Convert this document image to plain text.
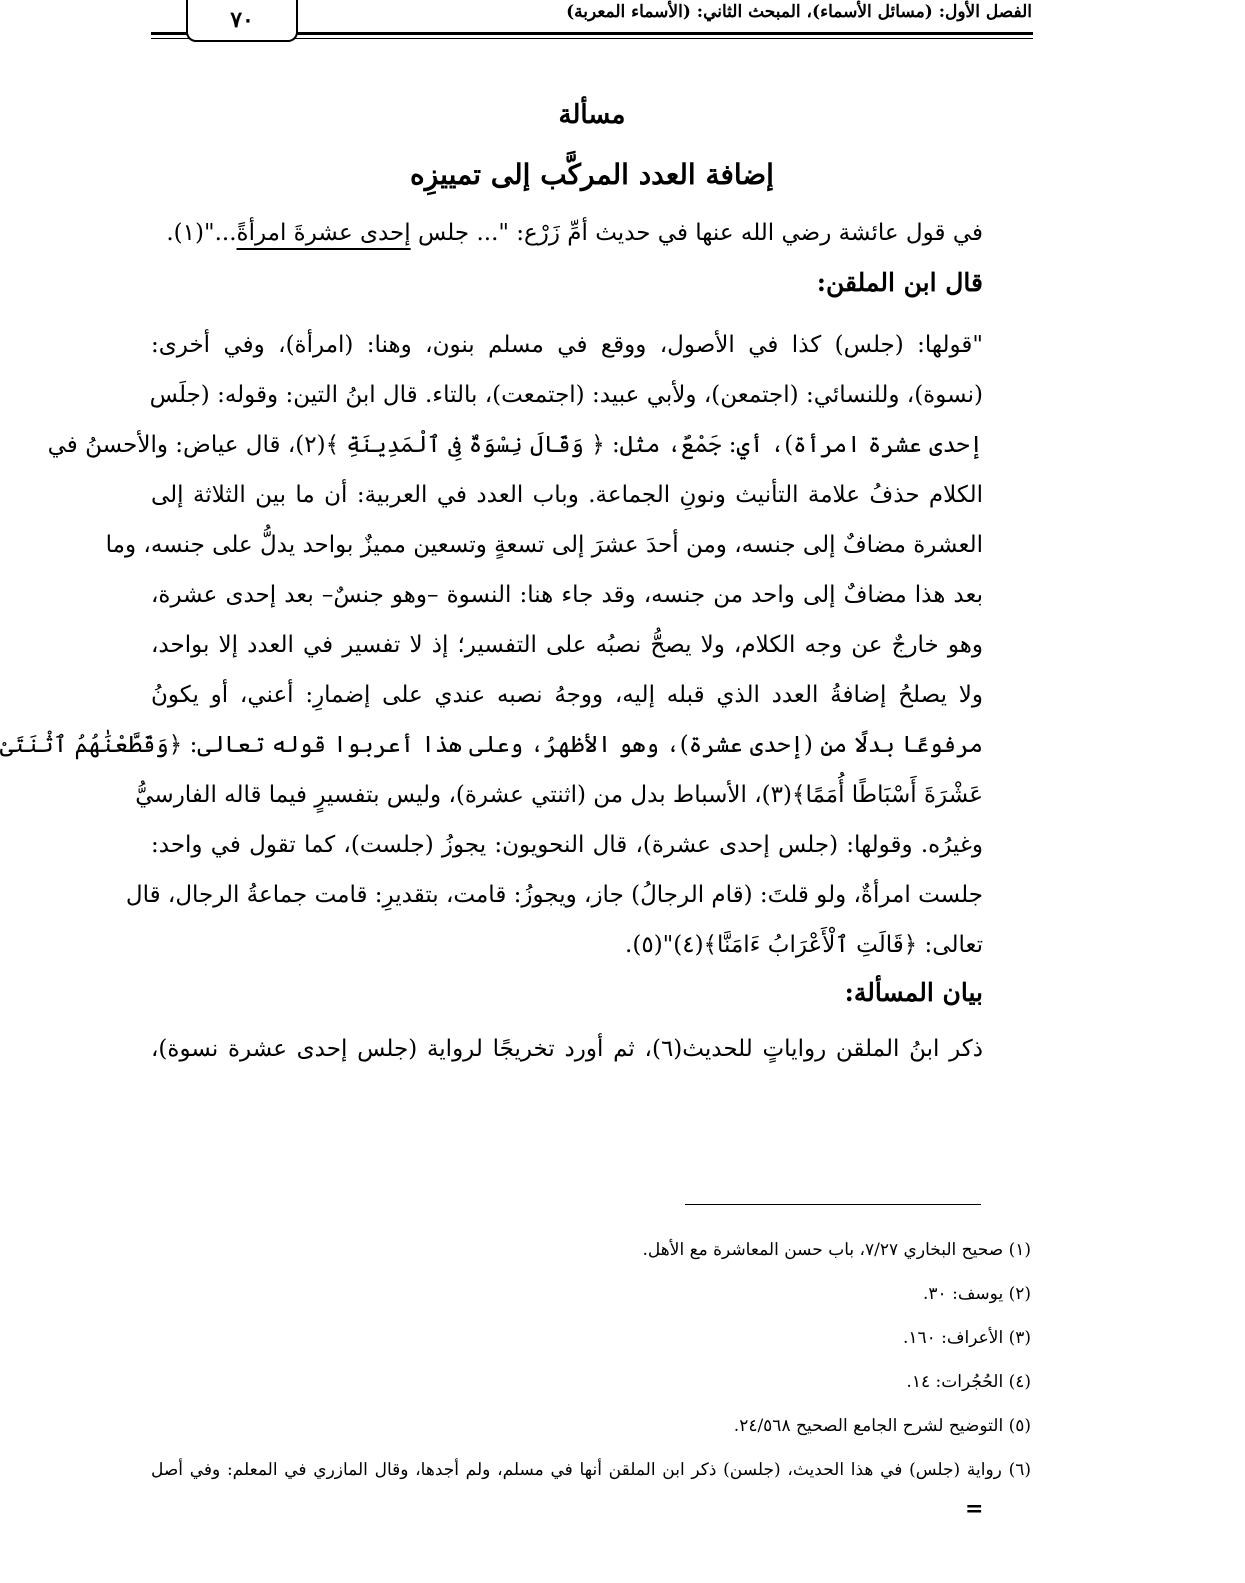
٧٠	الفصل الأول: (مسائل الأسماء)، المبحث الثاني: (الأسماء المعربة)
مسألة
إضافة العدد المركَّب إلى تمييزِه
في قول عائشة رضي الله عنها في حديث أمِّ زَرْع: "... جلس إحدى عشرةَ امرأةً..."(١).
قال ابن الملقن:
"قولها: (جلس) كذا في الأصول، ووقع في مسلم بنون، وهنا: (امرأة)، وفي أخرى:
(نسوة)، وللنسائي: (اجتمعن)، ولأبي عبيد: (اجتمعت)، بالتاء. قال ابنُ التين: وقوله: (جلَس
إحدى عشرة امرأة)، أي: جَمْعٌ، مثل: ﴿ وَقَالَ نِسْوَةٌ فِى ٱلْمَدِينَةِ ﴾(٢)، قال عياض: والأحسنُ في
الكلام حذفُ علامة التأنيث ونونِ الجماعة. وباب العدد في العربية: أن ما بين الثلاثة إلى
العشرة مضافٌ إلى جنسه، ومن أحدَ عشرَ إلى تسعةٍ وتسعين مميزٌ بواحد يدلُّ على جنسه، وما
بعد هذا مضافٌ إلى واحد من جنسه، وقد جاء هنا: النسوة –وهو جنسٌ– بعد إحدى عشرة،
وهو خارجٌ عن وجه الكلام، ولا يصحُّ نصبُه على التفسير؛ إذ لا تفسير في العدد إلا بواحد،
ولا يصلحُ إضافةُ العدد الذي قبله إليه، ووجهُ نصبه عندي على إضمارِ: أعني، أو يكونُ
مرفوعًا بدلًا من (إحدى عشرة)، وهو الأظهرُ، وعلى هذا أعربوا قوله تعالى: ﴿وَقَطَّعْنَٰهُمُ ٱثْنَتَىْ
عَشْرَةَ أَسْبَاطًا أُمَمًا﴾(٣)، الأسباط بدل من (اثنتي عشرة)، وليس بتفسيرٍ فيما قاله الفارسيُّ
وغيرُه. وقولها: (جلس إحدى عشرة)، قال النحويون: يجوزُ (جلست)، كما تقول في واحد:
جلست امرأةٌ، ولو قلتَ: (قام الرجالُ) جاز، ويجوزُ: قامت، بتقديرِ: قامت جماعةُ الرجال، قال
تعالى: ﴿قَالَتِ ٱلْأَعْرَابُ ءَامَنَّا﴾(٤)"(٥).
بيان المسألة:
ذكر ابنُ الملقن رواياتٍ للحديث(٦)، ثم أورد تخريجًا لرواية (جلس إحدى عشرة نسوة)،
(١) صحيح البخاري ٧/٢٧، باب حسن المعاشرة مع الأهل.
(٢) يوسف: ٣٠.
(٣) الأعراف: ١٦٠.
(٤) الحُجُرات: ١٤.
(٥) التوضيح لشرح الجامع الصحيح ٢٤/٥٦٨.
(٦) رواية (جلس) في هذا الحديث، (جلسن) ذكر ابن الملقن أنها في مسلم، ولم أجدها، وقال المازري في المعلم: وفي أصل
=
